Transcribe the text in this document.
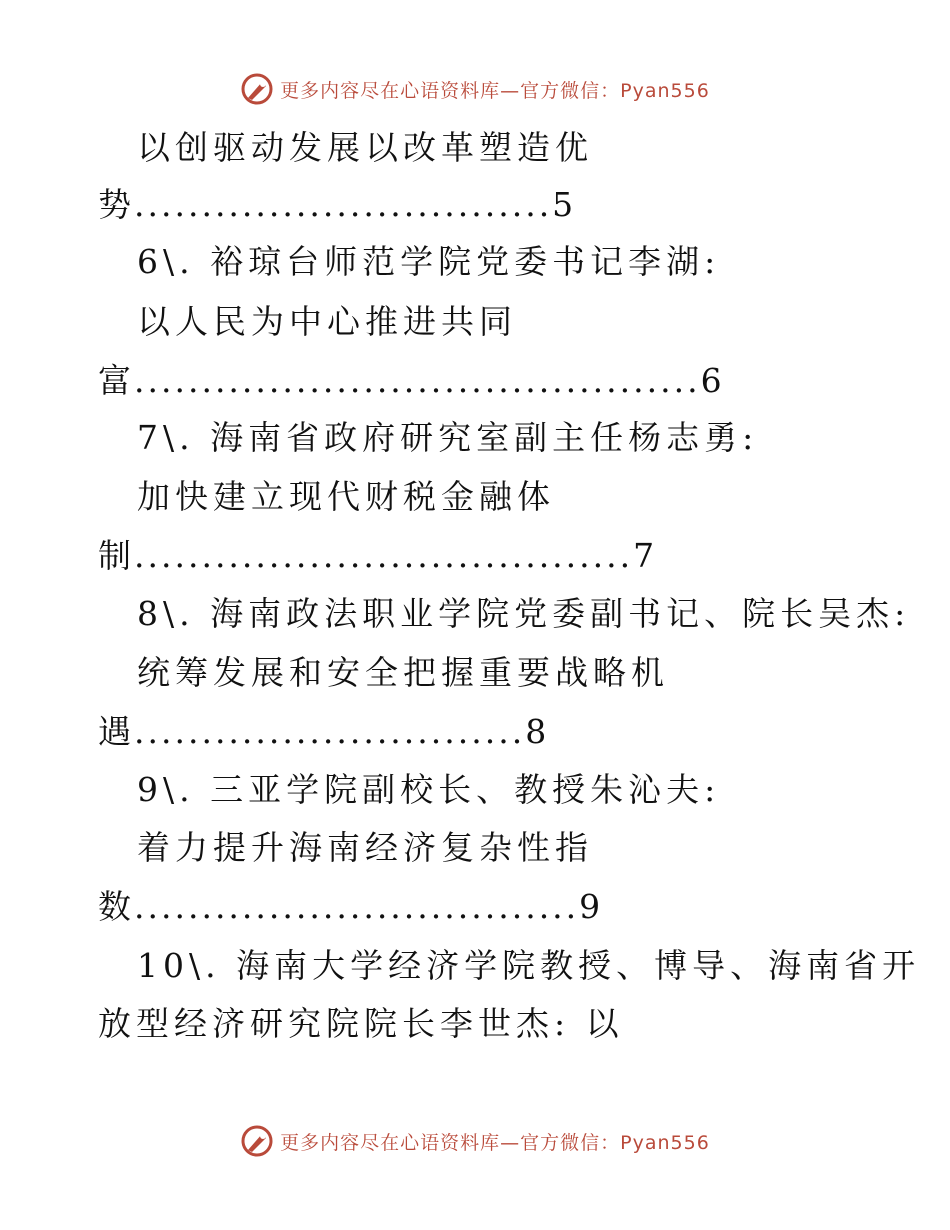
更多内容尽在心语资料库—官方微信：Pyan556
以创驱动发展以改革塑造优
势...............................5
6\. 裕琼台师范学院党委书记李湖:
以人民为中心推进共同
富..........................................6
7\. 海南省政府研究室副主任杨志勇:
加快建立现代财税金融体
制.....................................7
8\. 海南政法职业学院党委副书记、院长吴杰:
统筹发展和安全把握重要战略机
遇.............................8
9\. 三亚学院副校长、教授朱沁夫:
着力提升海南经济复杂性指
数.................................9
10\. 海南大学经济学院教授、博导、海南省开
放型经济研究院院长李世杰: 以
更多内容尽在心语资料库—官方微信：Pyan556
